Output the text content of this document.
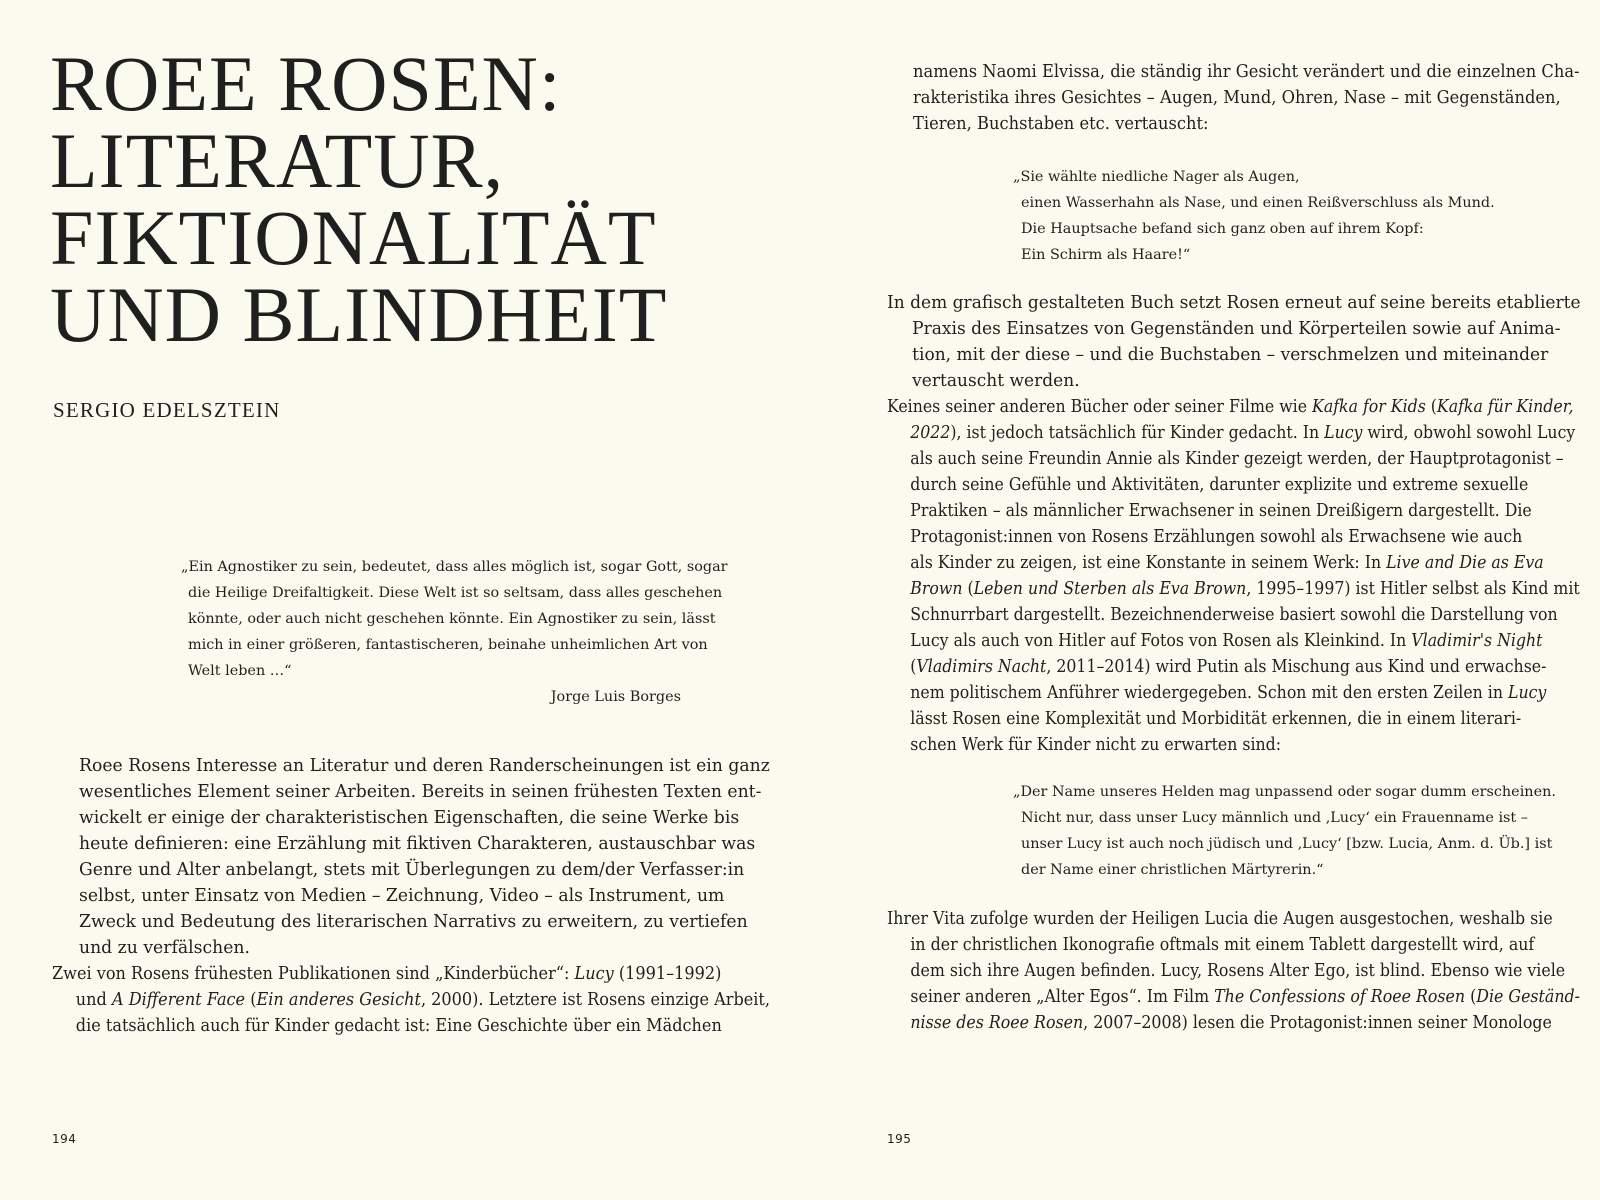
ROEE ROSEN:
LITERATUR,
FIKTIONALITÄT
UND BLINDHEIT

SERGIO EDELSZTEIN

„Ein Agnostiker zu sein, bedeutet, dass alles möglich ist, sogar Gott, sogar
die Heilige Dreifaltigkeit. Diese Welt ist so seltsam, dass alles geschehen
könnte, oder auch nicht geschehen könnte. Ein Agnostiker zu sein, lässt
mich in einer größeren, fantastischeren, beinahe unheimlichen Art von
Welt leben …“
Jorge Luis Borges
Roee Rosens Interesse an Literatur und deren Randerscheinungen ist ein ganz
wesentliches Element seiner Arbeiten. Bereits in seinen frühesten Texten ent-
wickelt er einige der charakteristischen Eigenschaften, die seine Werke bis
heute definieren: eine Erzählung mit fiktiven Charakteren, austauschbar was
Genre und Alter anbelangt, stets mit Überlegungen zu dem/der Verfasser:in
selbst, unter Einsatz von Medien – Zeichnung, Video – als Instrument, um
Zweck und Bedeutung des literarischen Narrativs zu erweitern, zu vertiefen
und zu verfälschen.
Zwei von Rosens frühesten Publikationen sind „Kinderbücher“: Lucy (1991–1992)
und A Different Face (Ein anderes Gesicht, 2000). Letztere ist Rosens einzige Arbeit,
die tatsächlich auch für Kinder gedacht ist: Eine Geschichte über ein Mädchen
194
namens Naomi Elvissa, die ständig ihr Gesicht verändert und die einzelnen Cha-
rakteristika ihres Gesichtes – Augen, Mund, Ohren, Nase – mit Gegenständen,
Tieren, Buchstaben etc. vertauscht:
„Sie wählte niedliche Nager als Augen,
einen Wasserhahn als Nase, und einen Reißverschluss als Mund.
Die Hauptsache befand sich ganz oben auf ihrem Kopf:
Ein Schirm als Haare!“
In dem grafisch gestalteten Buch setzt Rosen erneut auf seine bereits etablierte
Praxis des Einsatzes von Gegenständen und Körperteilen sowie auf Anima-
tion, mit der diese – und die Buchstaben – verschmelzen und miteinander
vertauscht werden.
Keines seiner anderen Bücher oder seiner Filme wie Kafka for Kids (Kafka für Kinder,
2022), ist jedoch tatsächlich für Kinder gedacht. In Lucy wird, obwohl sowohl Lucy
als auch seine Freundin Annie als Kinder gezeigt werden, der Hauptprotagonist –
durch seine Gefühle und Aktivitäten, darunter explizite und extreme sexuelle
Praktiken – als männlicher Erwachsener in seinen Dreißigern dargestellt. Die
Protagonist:innen von Rosens Erzählungen sowohl als Erwachsene wie auch
als Kinder zu zeigen, ist eine Konstante in seinem Werk: In Live and Die as Eva
Brown (Leben und Sterben als Eva Brown, 1995–1997) ist Hitler selbst als Kind mit
Schnurrbart dargestellt. Bezeichnenderweise basiert sowohl die Darstellung von
Lucy als auch von Hitler auf Fotos von Rosen als Kleinkind. In Vladimir's Night
(Vladimirs Nacht, 2011–2014) wird Putin als Mischung aus Kind und erwachse-
nem politischem Anführer wiedergegeben. Schon mit den ersten Zeilen in Lucy
lässt Rosen eine Komplexität und Morbidität erkennen, die in einem literari-
schen Werk für Kinder nicht zu erwarten sind:
„Der Name unseres Helden mag unpassend oder sogar dumm erscheinen.
Nicht nur, dass unser Lucy männlich und ‚Lucy‘ ein Frauenname ist –
unser Lucy ist auch noch jüdisch und ‚Lucy‘ [bzw. Lucia, Anm. d. Üb.] ist
der Name einer christlichen Märtyrerin.“
Ihrer Vita zufolge wurden der Heiligen Lucia die Augen ausgestochen, weshalb sie
in der christlichen Ikonografie oftmals mit einem Tablett dargestellt wird, auf
dem sich ihre Augen befinden. Lucy, Rosens Alter Ego, ist blind. Ebenso wie viele
seiner anderen „Alter Egos“. Im Film The Confessions of Roee Rosen (Die Geständ-
nisse des Roee Rosen, 2007–2008) lesen die Protagonist:innen seiner Monologe
195
